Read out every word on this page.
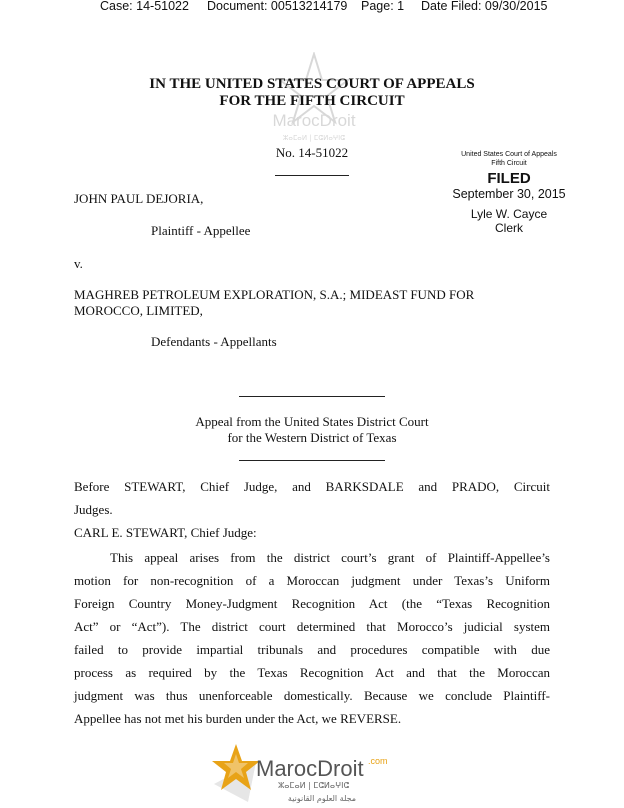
Case: 14-51022 Document: 00513214179 Page: 1 Date Filed: 09/30/2015
MarocDroit
ⵣⴰⵎⴰⵍ | ⵎⵛⵍⴰⵖⵏⵛ
IN THE UNITED STATES COURT OF APPEALS
FOR THE FIFTH CIRCUIT
No. 14-51022	United States Court of Appeals
Fifth Circuit
FILED
September 30, 2015
Lyle W. Cayce
Clerk
JOHN PAUL DEJORIA,
Plaintiff - Appellee
v.
MAGHREB PETROLEUM EXPLORATION, S.A.; MIDEAST FUND FOR
MOROCCO, LIMITED,
Defendants - Appellants
Appeal from the United States District Court
for the Western District of Texas
Before STEWART, Chief Judge, and BARKSDALE and PRADO, Circuit
Judges.
CARL E. STEWART, Chief Judge:
This appeal arises from the district court’s grant of Plaintiff-Appellee’s
motion for non-recognition of a Moroccan judgment under Texas’s Uniform
Foreign Country Money-Judgment Recognition Act (the “Texas Recognition
Act” or “Act”). The district court determined that Morocco’s judicial system
failed to provide impartial tribunals and procedures compatible with due
process as required by the Texas Recognition Act and that the Moroccan
judgment was thus unenforceable domestically. Because we conclude Plaintiff-
Appellee has not met his burden under the Act, we REVERSE.
MarocDroit .com
ⵣⴰⵎⴰⵍ | ⵎⵛⵍⴰⵖⵏⵛ
مجلة العلوم القانونية
